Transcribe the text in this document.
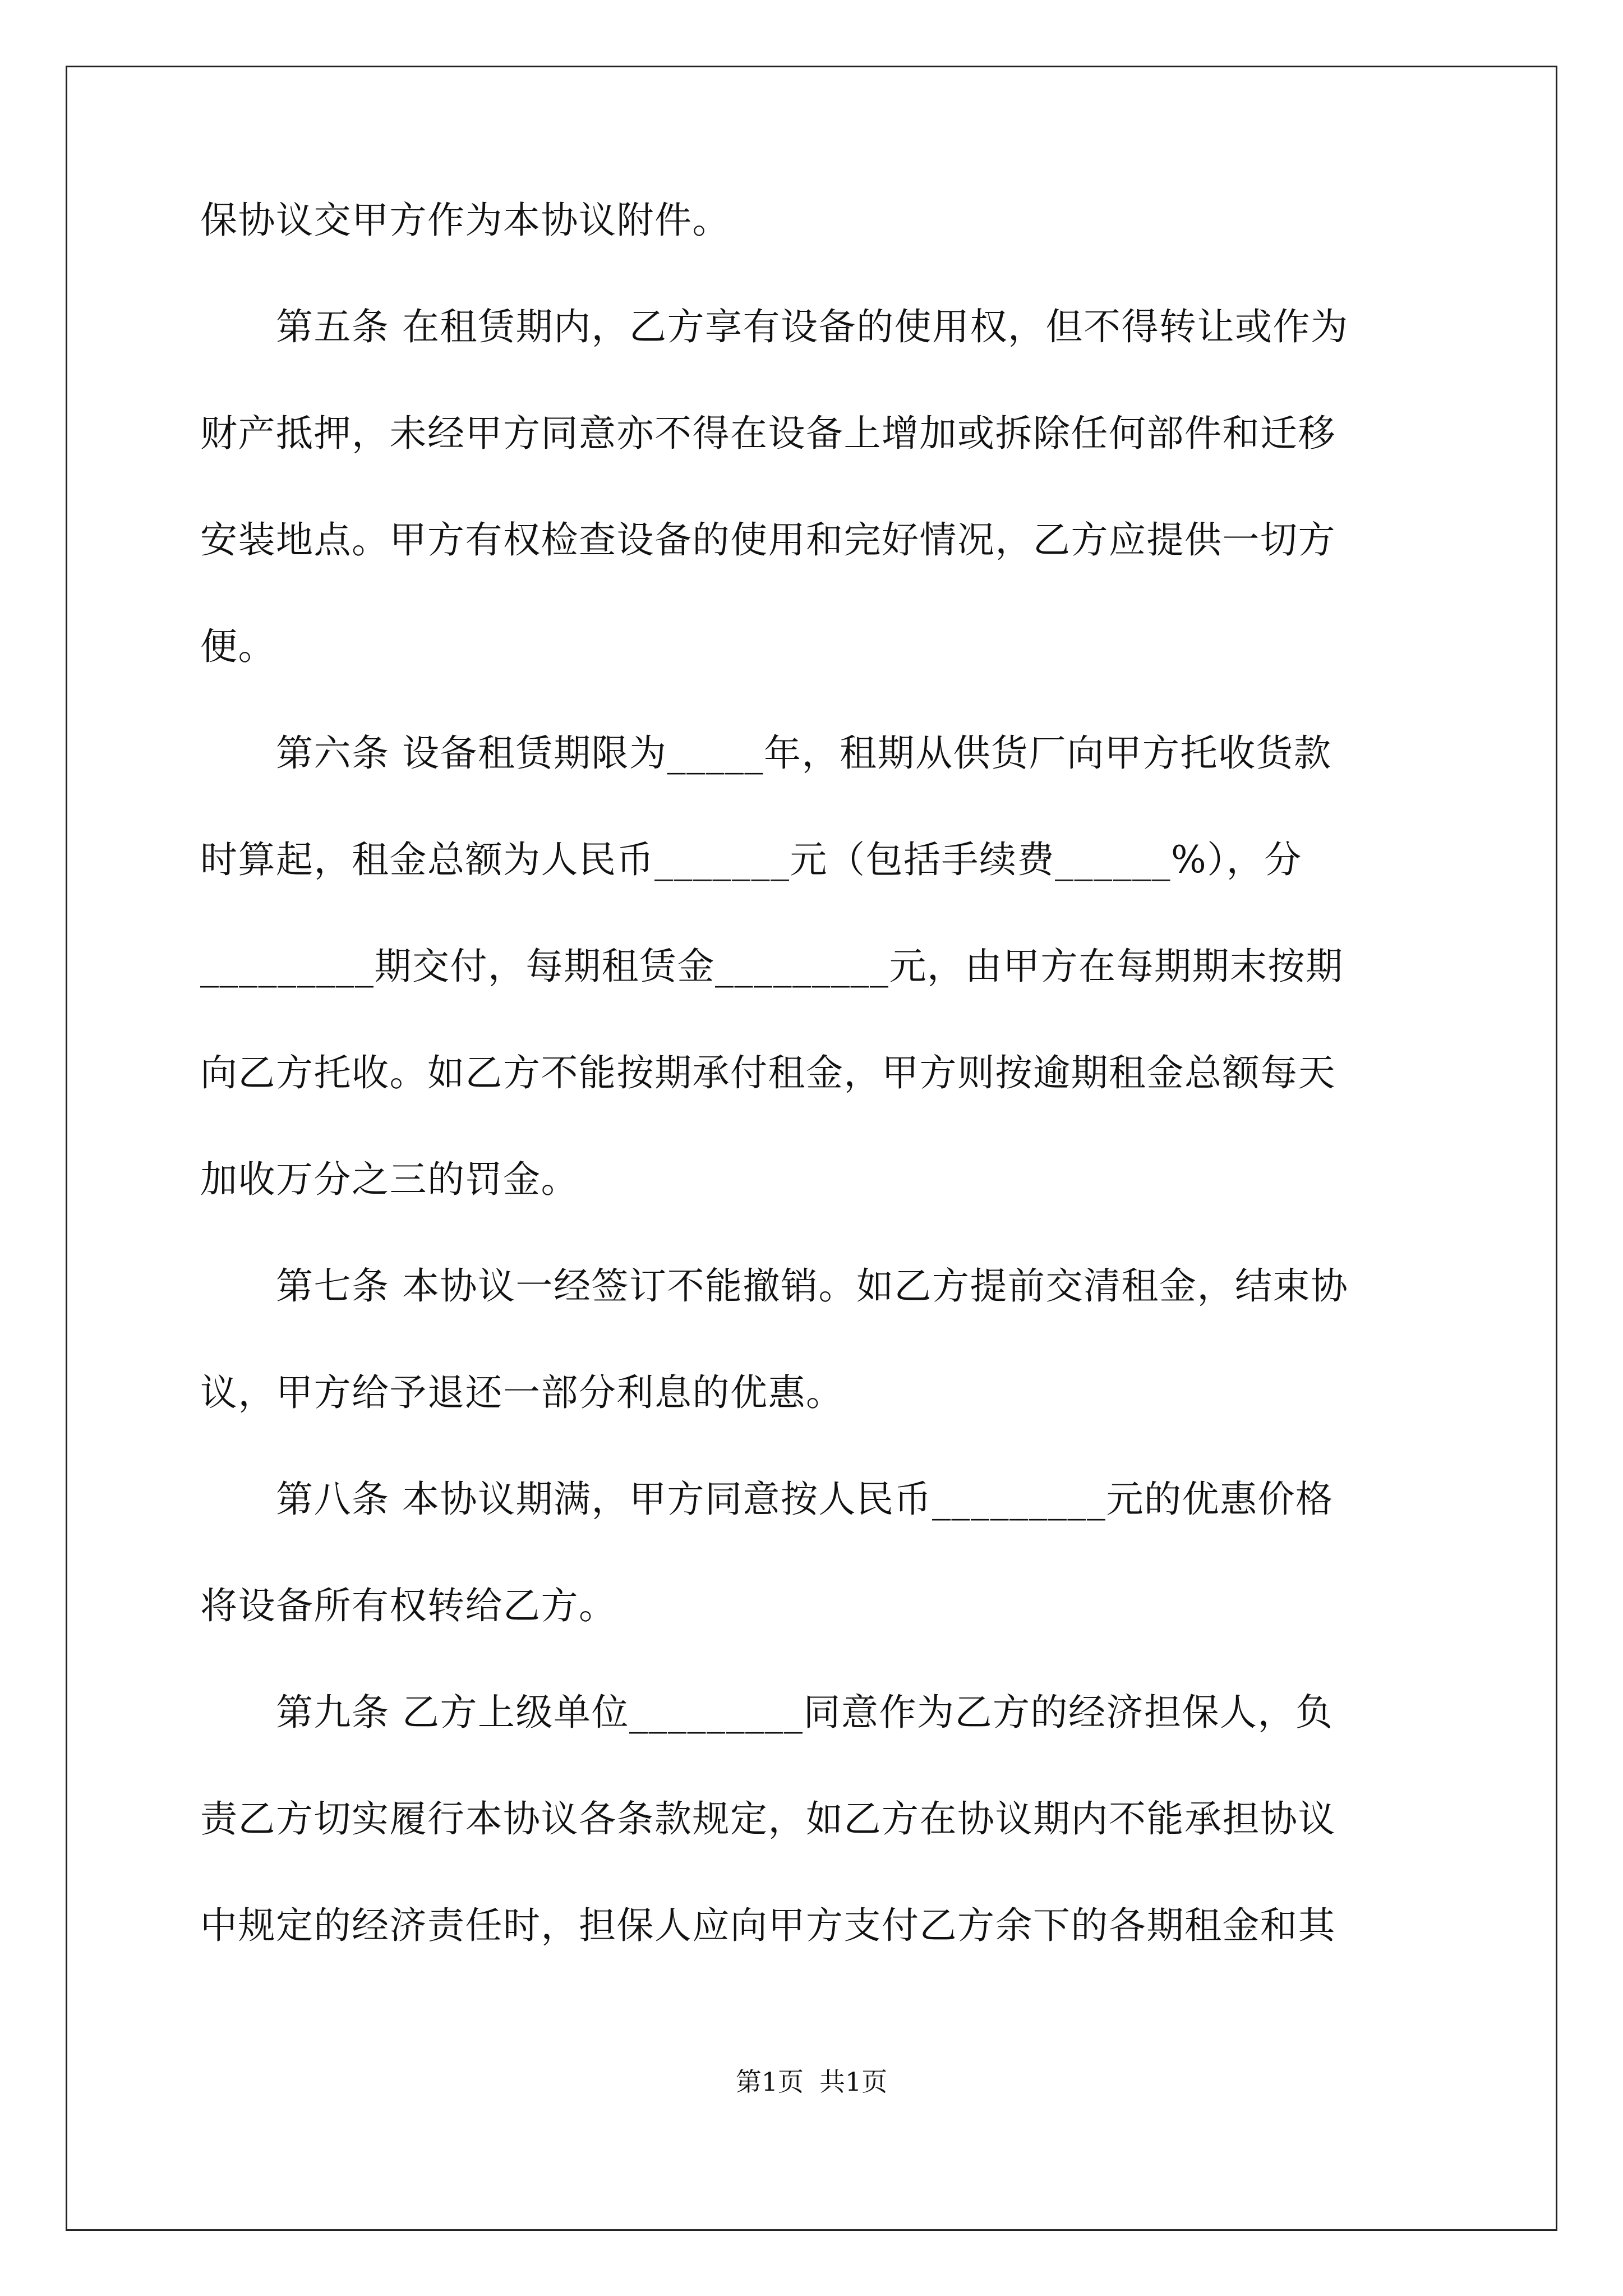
保协议交甲方作为本协议附件。
　　第五条 在租赁期内，乙方享有设备的使用权，但不得转让或作为
财产抵押，未经甲方同意亦不得在设备上增加或拆除任何部件和迁移
安装地点。甲方有权检查设备的使用和完好情况，乙方应提供一切方
便。
　　第六条 设备租赁期限为_____年，租期从供货厂向甲方托收货款
时算起，租金总额为人民币_______元（包括手续费______%），分
_________期交付，每期租赁金_________元，由甲方在每期期末按期
向乙方托收。如乙方不能按期承付租金，甲方则按逾期租金总额每天
加收万分之三的罚金。
　　第七条 本协议一经签订不能撤销。如乙方提前交清租金，结束协
议，甲方给予退还一部分利息的优惠。
　　第八条 本协议期满，甲方同意按人民币_________元的优惠价格
将设备所有权转给乙方。
　　第九条 乙方上级单位_________同意作为乙方的经济担保人，负
责乙方切实履行本协议各条款规定，如乙方在协议期内不能承担协议
中规定的经济责任时，担保人应向甲方支付乙方余下的各期租金和其
第1页 共1页
